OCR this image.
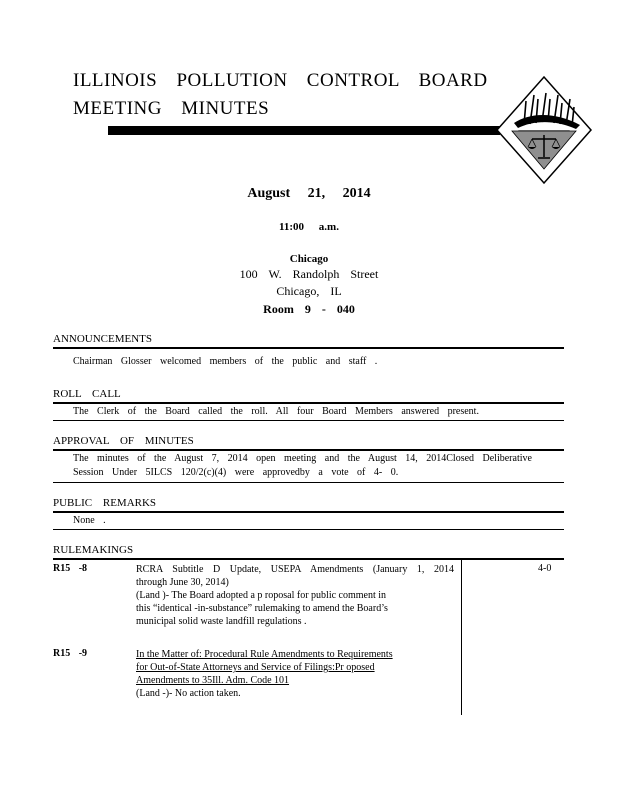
ILLINOIS POLLUTION CONTROL BOARD
MEETING MINUTES
August 21, 2014
11:00 a.m.
Chicago
100 W. Randolph Street
Chicago, IL
Room 9 - 040
ANNOUNCEMENTS
Chairman Glosser welcomed members of the public and staff .
ROLL CALL
The Clerk of the Board called the roll. All four Board Members answered present.
APPROVAL OF MINUTES
The minutes of the August 7, 2014 open meeting and the August 14, 2014Closed Deliberative
Session Under 5ILCS 120/2(c)(4) were approvedby a vote of 4- 0.
PUBLIC REMARKS
None .
RULEMAKINGS
R15 -8	RCRA Subtitle D Update, USEPA Amendments (January 1, 2014
through June 30, 2014)
(Land )- The Board adopted a p roposal for public comment in
this “identical -in-substance” rulemaking to amend the Board’s
municipal solid waste landfill regulations .
4-0
R15 -9	In the Matter of: Procedural Rule Amendments to Requirements
for Out-of-State Attorneys and Service of Filings:Pr oposed
Amendments to 35Ill. Adm. Code 101
(Land -)- No action taken.
